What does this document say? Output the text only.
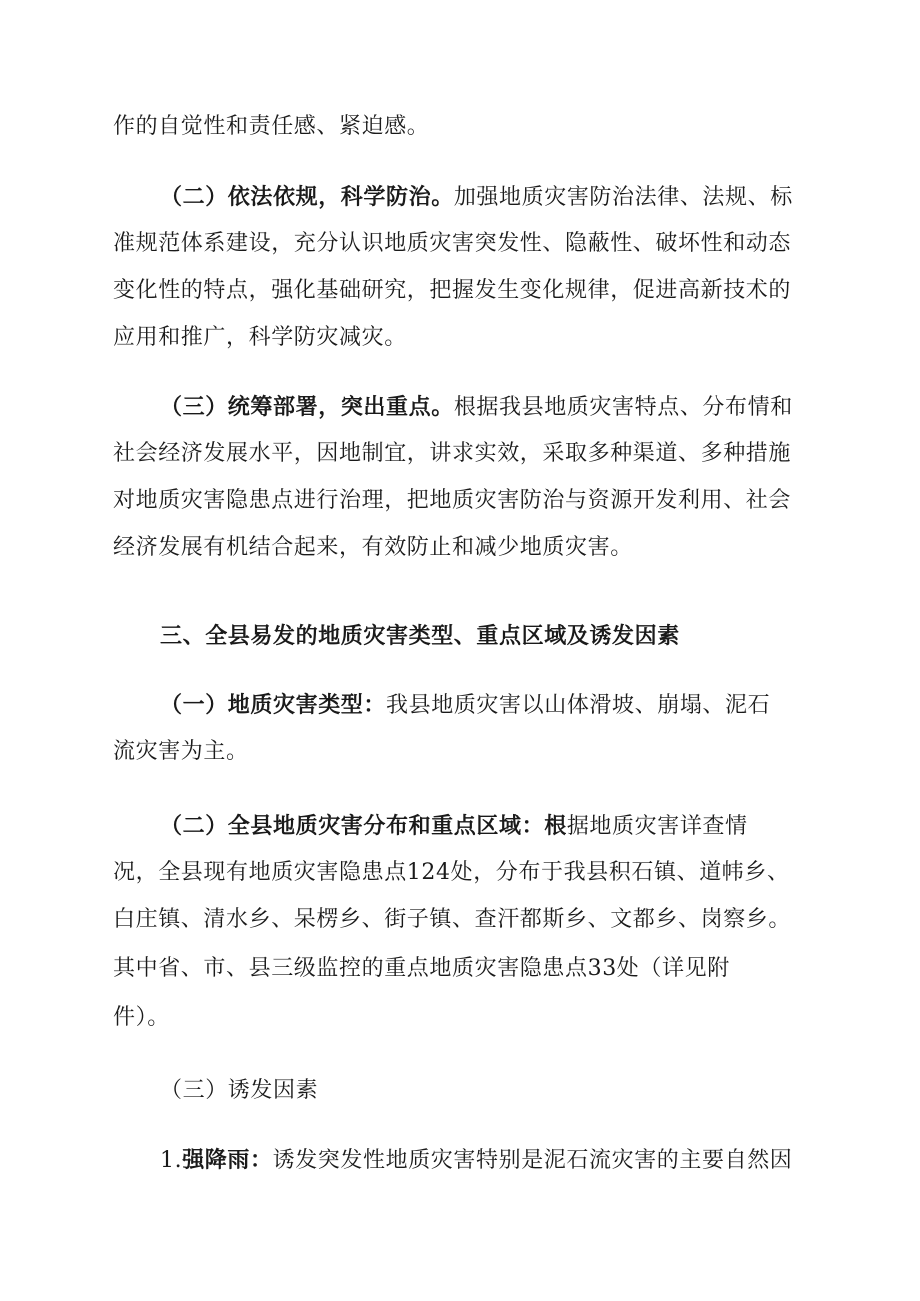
作的自觉性和责任感、紧迫感。
（二）依法依规，科学防治。加强地质灾害防治法律、法规、标
准规范体系建设，充分认识地质灾害突发性、隐蔽性、破坏性和动态
变化性的特点，强化基础研究，把握发生变化规律，促进高新技术的
应用和推广，科学防灾减灾。
（三）统筹部署，突出重点。根据我县地质灾害特点、分布情和
社会经济发展水平，因地制宜，讲求实效，采取多种渠道、多种措施
对地质灾害隐患点进行治理，把地质灾害防治与资源开发利用、社会
经济发展有机结合起来，有效防止和减少地质灾害。
三、全县易发的地质灾害类型、重点区域及诱发因素
（一）地质灾害类型：我县地质灾害以山体滑坡、崩塌、泥石
流灾害为主。
（二）全县地质灾害分布和重点区域：根据地质灾害详查情
况，全县现有地质灾害隐患点124处，分布于我县积石镇、道帏乡、
白庄镇、清水乡、呆楞乡、街子镇、查汗都斯乡、文都乡、岗察乡。
其中省、市、县三级监控的重点地质灾害隐患点33处（详见附
件）。
（三）诱发因素
1.强降雨：诱发突发性地质灾害特别是泥石流灾害的主要自然因
